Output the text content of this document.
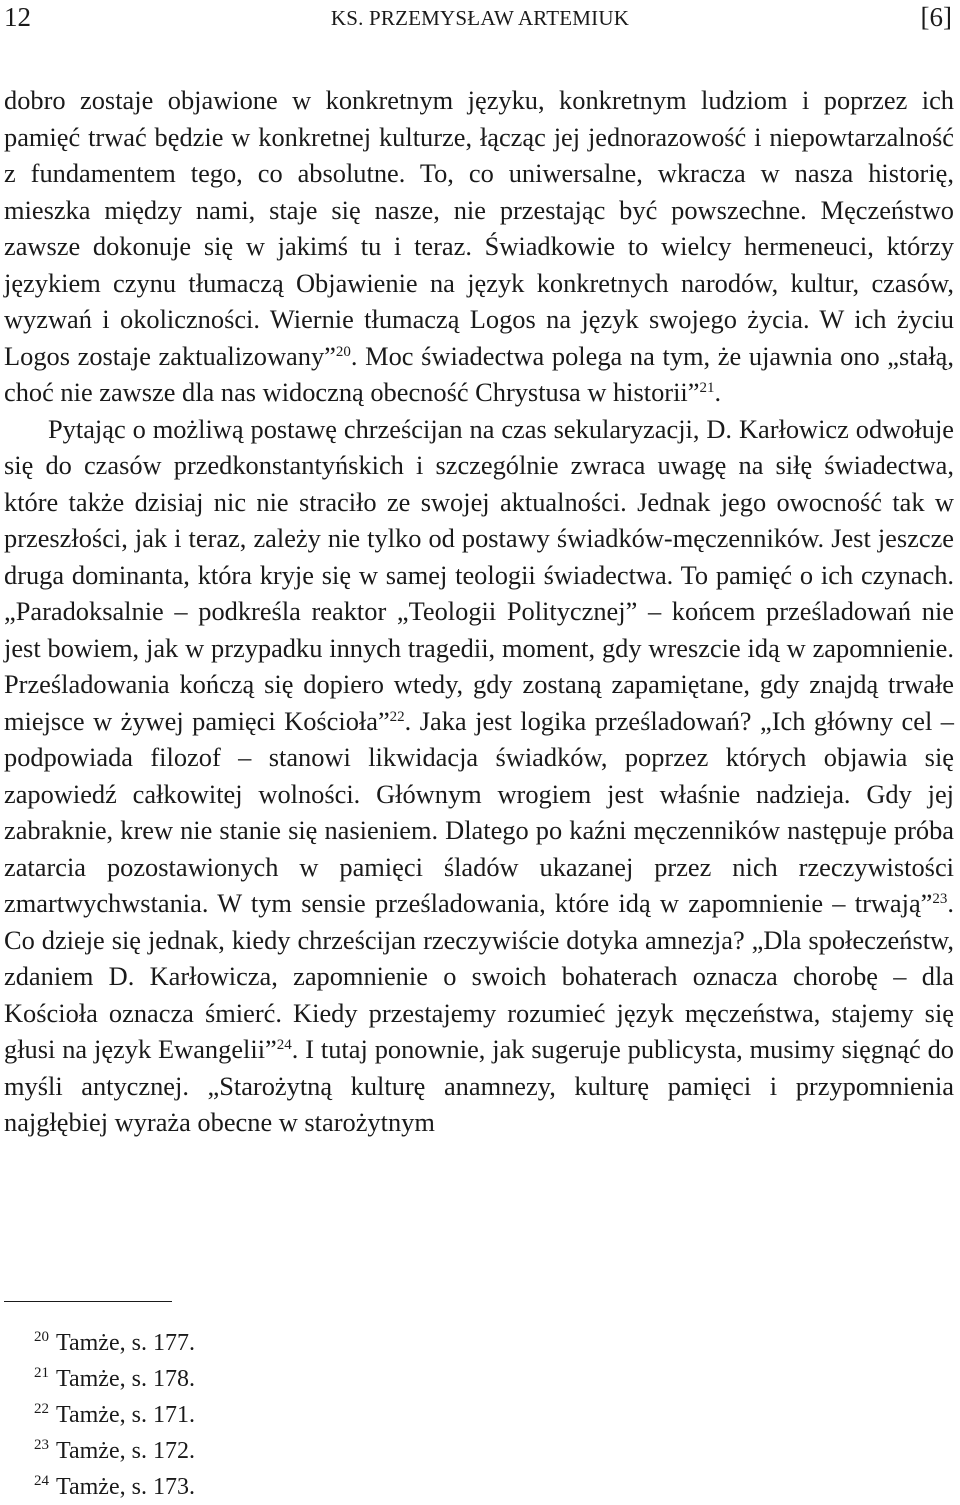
12	KS. PRZEMYSŁAW ARTEMIUK	[6]

dobro zostaje objawione w konkretnym języku, konkretnym ludziom i poprzez ich pamięć trwać będzie w konkretnej kulturze, łącząc jej jednorazowość i niepowtarzalność z fundamentem tego, co absolutne. To, co uniwersalne, wkracza w nasza historię, mieszka między nami, staje się nasze, nie przestając być powszechne. Męczeństwo zawsze dokonuje się w jakimś tu i teraz. Świadkowie to wielcy hermeneuci, którzy językiem czynu tłumaczą Objawienie na język konkretnych narodów, kultur, czasów, wyzwań i okoliczności. Wiernie tłumaczą Logos na język swojego życia. W ich życiu Logos zostaje zaktualizowany”$^{20}$. Moc świadectwa polega na tym, że ujawnia ono „stałą, choć nie zawsze dla nas widoczną obecność Chrystusa w historii”$^{21}$.

Pytając o możliwą postawę chrześcijan na czas sekularyzacji, D. Karłowicz odwołuje się do czasów przedkonstantyńskich i szczególnie zwraca uwagę na siłę świadectwa, które także dzisiaj nic nie straciło ze swojej aktualności. Jednak jego owocność tak w przeszłości, jak i teraz, zależy nie tylko od postawy świadków-męczenników. Jest jeszcze druga dominanta, która kryje się w samej teologii świadectwa. To pamięć o ich czynach. „Paradoksalnie – podkreśla reaktor „Teologii Politycznej” – końcem prześladowań nie jest bowiem, jak w przypadku innych tragedii, moment, gdy wreszcie idą w zapomnienie. Prześladowania kończą się dopiero wtedy, gdy zostaną zapamiętane, gdy znajdą trwałe miejsce w żywej pamięci Kościoła”$^{22}$. Jaka jest logika prześladowań? „Ich główny cel – podpowiada filozof – stanowi likwidacja świadków, poprzez których objawia się zapowiedź całkowitej wolności. Głównym wrogiem jest właśnie nadzieja. Gdy jej zabraknie, krew nie stanie się nasieniem. Dlatego po kaźni męczenników następuje próba zatarcia pozostawionych w pamięci śladów ukazanej przez nich rzeczywistości zmartwychwstania. W tym sensie prześladowania, które idą w zapomnienie – trwają”$^{23}$. Co dzieje się jednak, kiedy chrześcijan rzeczywiście dotyka amnezja? „Dla społeczeństw, zdaniem D. Karłowicza, zapomnienie o swoich bohaterach oznacza chorobę – dla Kościoła oznacza śmierć. Kiedy przestajemy rozumieć język męczeństwa, stajemy się głusi na język Ewangelii”$^{24}$. I tutaj ponownie, jak sugeruje publicysta, musimy sięgnąć do myśli antycznej. „Starożytną kulturę anamnezy, kulturę pamięci i przypomnienia najgłębiej wyraża obecne w starożytnym

$^{20}$ Tamże, s. 177.
$^{21}$ Tamże, s. 178.
$^{22}$ Tamże, s. 171.
$^{23}$ Tamże, s. 172.
$^{24}$ Tamże, s. 173.
